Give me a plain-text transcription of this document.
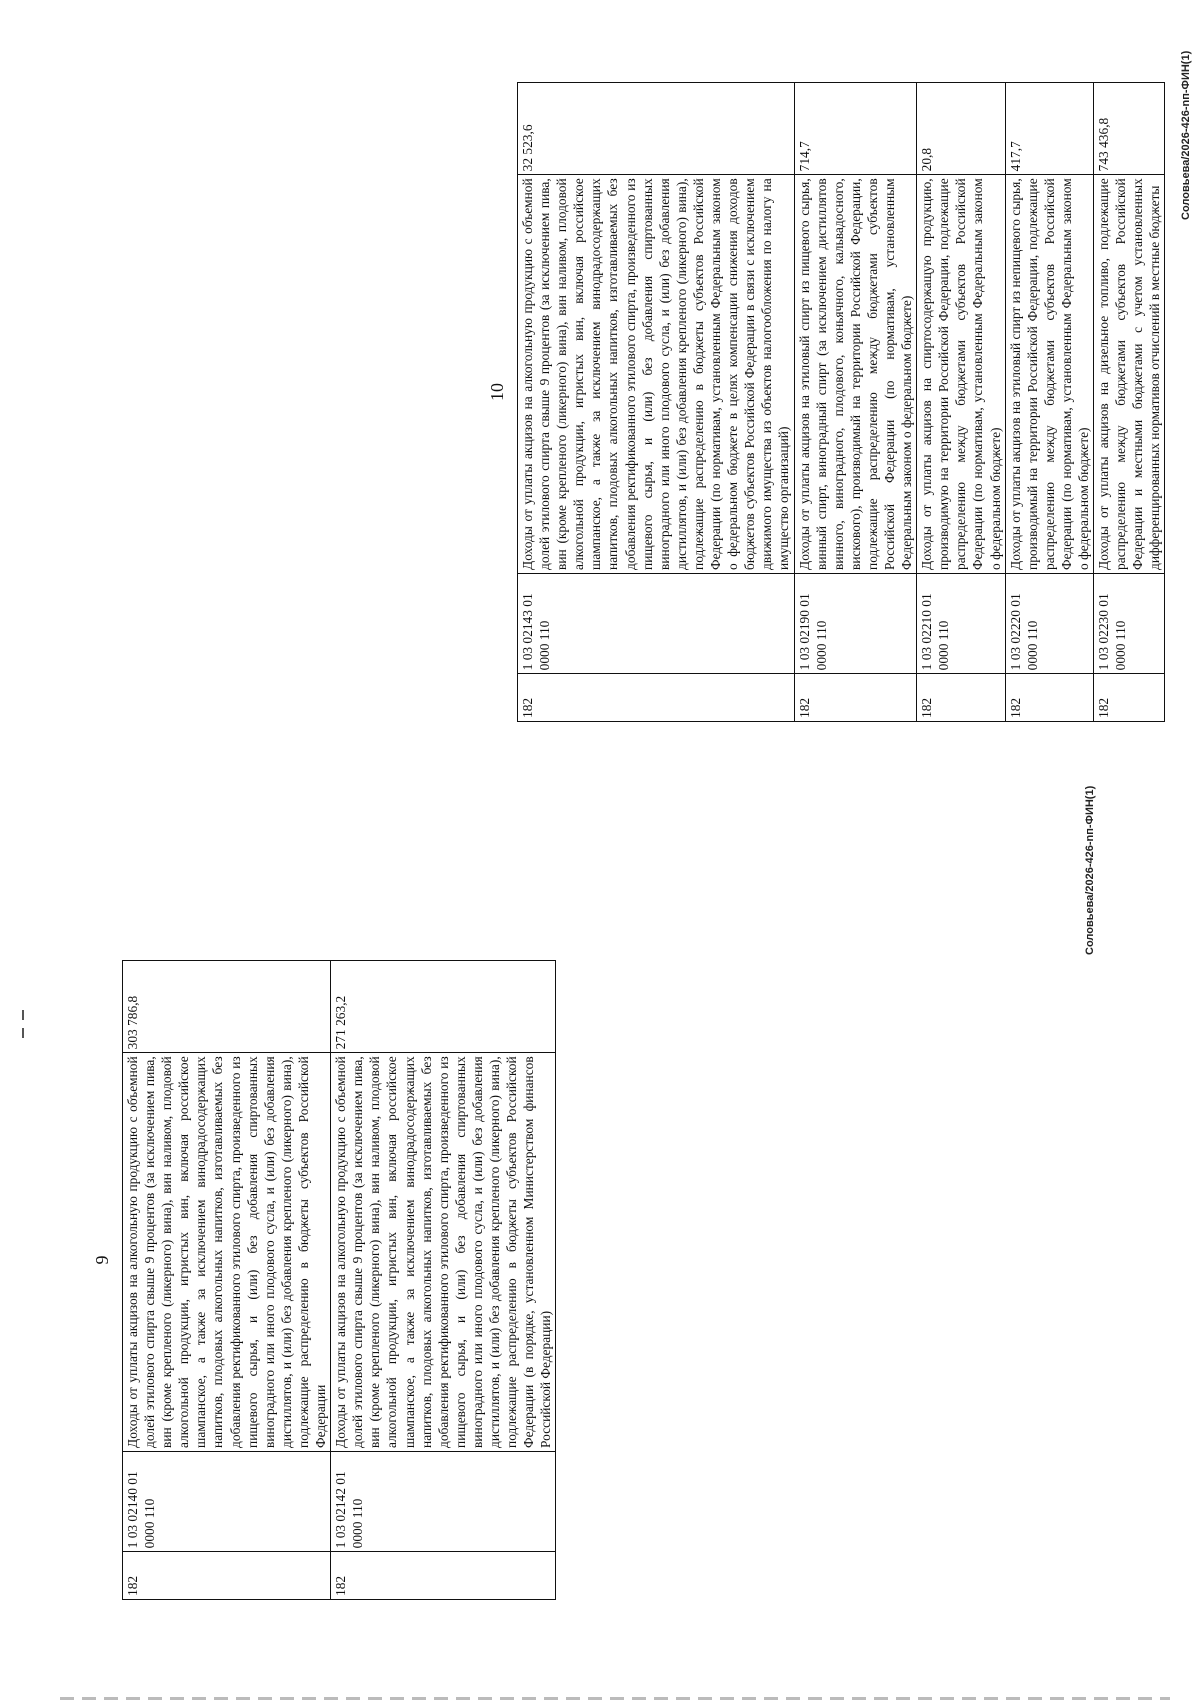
9
182	1 03 02140 01 0000 110	Доходы от уплаты акцизов на алкогольную продукцию с объемной долей этилового спирта свыше 9 процентов (за исключением пива, вин (кроме крепленого (ликерного) вина), вин наливом, плодовой алкогольной продукции, игристых вин, включая российское шампанское, а также за исключением винодрадосодержащих напитков, плодовых алкогольных напитков, изготавливаемых без добавления ректификованного этилового спирта, произведенного из пищевого сырья, и (или) без добавления спиртованных виноградного или иного плодового сусла, и (или) без добавления дистиллятов, и (или) без добавления крепленого (ликерного) вина), подлежащие распределению в бюджеты субъектов Российской Федерации	303 786,8
182	1 03 02142 01 0000 110	Доходы от уплаты акцизов на алкогольную продукцию с объемной долей этилового спирта свыше 9 процентов (за исключением пива, вин (кроме крепленого (ликерного) вина), вин наливом, плодовой алкогольной продукции, игристых вин, включая российское шампанское, а также за исключением винодрадосодержащих напитков, плодовых алкогольных напитков, изготавливаемых без добавления ректификованного этилового спирта, произведенного из пищевого сырья, и (или) без добавления спиртованных виноградного или иного плодового сусла, и (или) без добавления дистиллятов, и (или) без добавления крепленого (ликерного) вина), подлежащие распределению в бюджеты субъектов Российской Федерации (в порядке, установленном Министерством финансов Российской Федерации)	271 263,2
10
182	1 03 02143 01 0000 110	Доходы от уплаты акцизов на алкогольную продукцию с объемной долей этилового спирта свыше 9 процентов (за исключением пива, вин (кроме крепленого (ликерного) вина), вин наливом, плодовой алкогольной продукции, игристых вин, включая российское шампанское, а также за исключением винодрадосодержащих напитков, плодовых алкогольных напитков, изготавливаемых без добавления ректификованного этилового спирта, произведенного из пищевого сырья, и (или) без добавления спиртованных виноградного или иного плодового сусла, и (или) без добавления дистиллятов, и (или) без добавления крепленого (ликерного) вина), подлежащие распределению в бюджеты субъектов Российской Федерации (по нормативам, установленным Федеральным законом о федеральном бюджете в целях компенсации снижения доходов бюджетов субъектов Российской Федерации в связи с исключением движимого имущества из объектов налогообложения по налогу на имущество организаций)	32 523,6
182	1 03 02190 01 0000 110	Доходы от уплаты акцизов на этиловый спирт из пищевого сырья, винный спирт, виноградный спирт (за исключением дистиллятов винного, виноградного, плодового, коньячного, кальвадосного, вискового), производимый на территории Российской Федерации, подлежащие распределению между бюджетами субъектов Российской Федерации (по нормативам, установленным Федеральным законом о федеральном бюджете)	714,7
182	1 03 02210 01 0000 110	Доходы от уплаты акцизов на спиртосодержащую продукцию, производимую на территории Российской Федерации, подлежащие распределению между бюджетами субъектов Российской Федерации (по нормативам, установленным Федеральным законом о федеральном бюджете)	20,8
182	1 03 02220 01 0000 110	Доходы от уплаты акцизов на этиловый спирт из непищевого сырья, производимый на территории Российской Федерации, подлежащие распределению между бюджетами субъектов Российской Федерации (по нормативам, установленным Федеральным законом о федеральном бюджете)	417,7
182	1 03 02230 01 0000 110	Доходы от уплаты акцизов на дизельное топливо, подлежащие распределению между бюджетами субъектов Российской Федерации и местными бюджетами с учетом установленных дифференцированных нормативов отчислений в местные бюджеты	743 436,8
Соловьева/2026-426-nп-ФИН(1)
Соловьева/2026-426-nп-ФИН(1)
